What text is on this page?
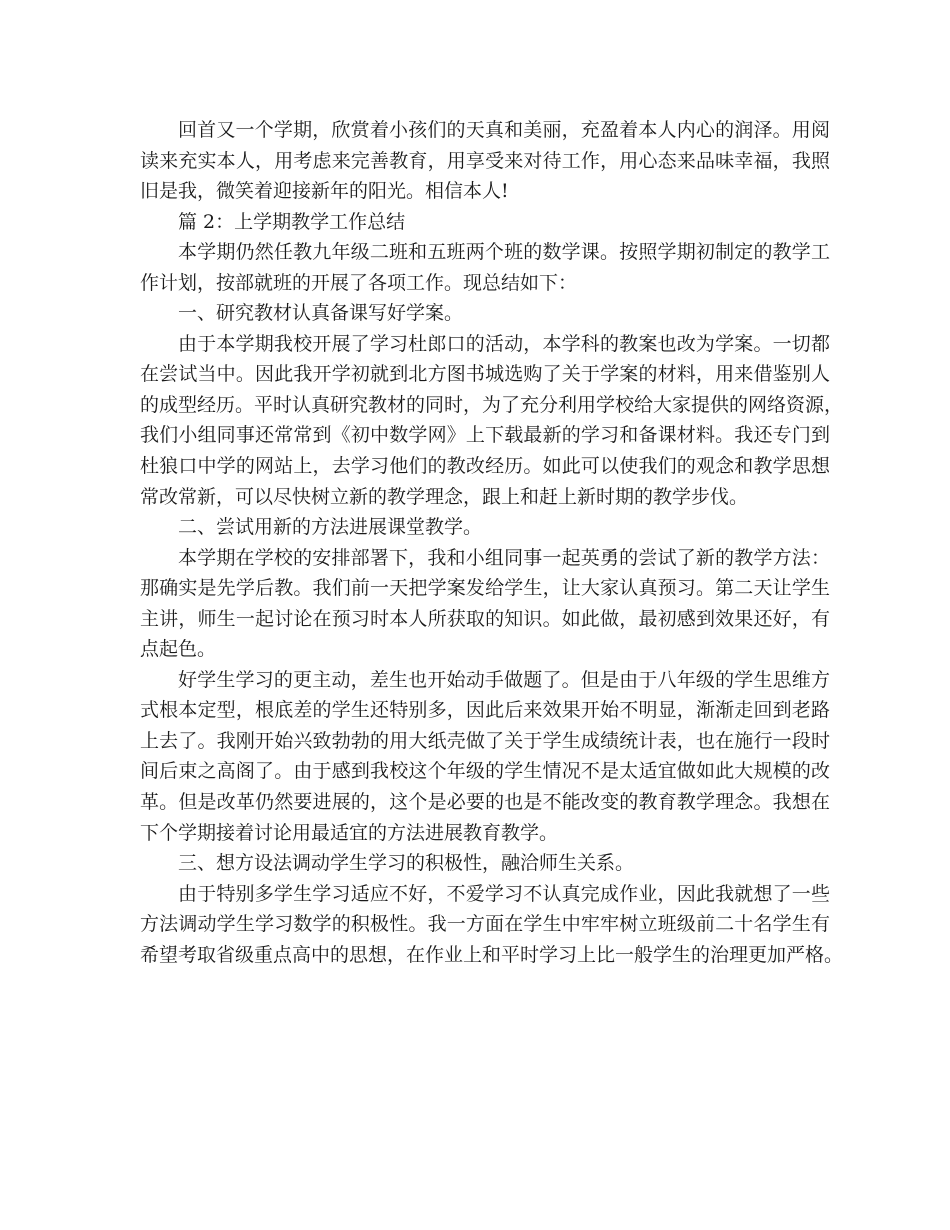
回首又一个学期，欣赏着小孩们的天真和美丽，充盈着本人内心的润泽。用阅
读来充实本人，用考虑来完善教育，用享受来对待工作，用心态来品味幸福，我照
旧是我，微笑着迎接新年的阳光。相信本人!
篇 2：上学期教学工作总结
本学期仍然任教九年级二班和五班两个班的数学课。按照学期初制定的教学工
作计划，按部就班的开展了各项工作。现总结如下：
一、研究教材认真备课写好学案。
由于本学期我校开展了学习杜郎口的活动，本学科的教案也改为学案。一切都
在尝试当中。因此我开学初就到北方图书城选购了关于学案的材料，用来借鉴别人
的成型经历。平时认真研究教材的同时，为了充分利用学校给大家提供的网络资源，
我们小组同事还常常到《初中数学网》上下载最新的学习和备课材料。我还专门到
杜狼口中学的网站上，去学习他们的教改经历。如此可以使我们的观念和教学思想
常改常新，可以尽快树立新的教学理念，跟上和赶上新时期的教学步伐。
二、尝试用新的方法进展课堂教学。
本学期在学校的安排部署下，我和小组同事一起英勇的尝试了新的教学方法：
那确实是先学后教。我们前一天把学案发给学生，让大家认真预习。第二天让学生
主讲，师生一起讨论在预习时本人所获取的知识。如此做，最初感到效果还好，有
点起色。
好学生学习的更主动，差生也开始动手做题了。但是由于八年级的学生思维方
式根本定型，根底差的学生还特别多，因此后来效果开始不明显，渐渐走回到老路
上去了。我刚开始兴致勃勃的用大纸壳做了关于学生成绩统计表，也在施行一段时
间后束之高阁了。由于感到我校这个年级的学生情况不是太适宜做如此大规模的改
革。但是改革仍然要进展的，这个是必要的也是不能改变的教育教学理念。我想在
下个学期接着讨论用最适宜的方法进展教育教学。
三、想方设法调动学生学习的积极性，融洽师生关系。
由于特别多学生学习适应不好，不爱学习不认真完成作业，因此我就想了一些
方法调动学生学习数学的积极性。我一方面在学生中牢牢树立班级前二十名学生有
希望考取省级重点高中的思想，在作业上和平时学习上比一般学生的治理更加严格。
